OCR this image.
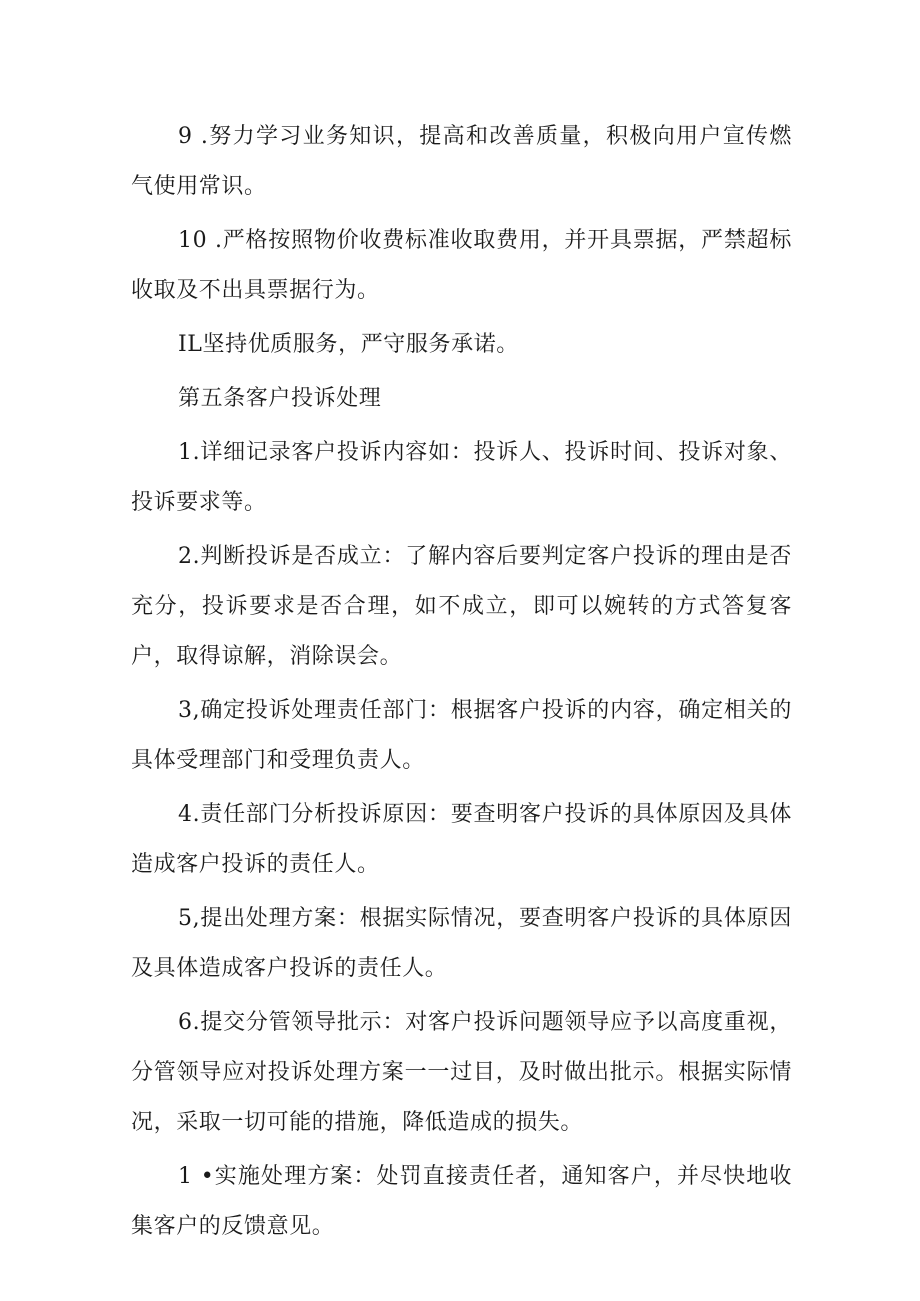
9 .努力学习业务知识，提高和改善质量，积极向用户宣传燃气使用常识。

10 .严格按照物价收费标准收取费用，并开具票据，严禁超标收取及不出具票据行为。

IL坚持优质服务，严守服务承诺。

第五条客户投诉处理

1.详细记录客户投诉内容如：投诉人、投诉时间、投诉对象、投诉要求等。

2.判断投诉是否成立：了解内容后要判定客户投诉的理由是否充分，投诉要求是否合理，如不成立，即可以婉转的方式答复客户，取得谅解，消除误会。

3,确定投诉处理责任部门：根据客户投诉的内容，确定相关的具体受理部门和受理负责人。

4.责任部门分析投诉原因：要查明客户投诉的具体原因及具体造成客户投诉的责任人。

5,提出处理方案：根据实际情况，要查明客户投诉的具体原因及具体造成客户投诉的责任人。

6.提交分管领导批示：对客户投诉问题领导应予以高度重视，分管领导应对投诉处理方案一一过目，及时做出批示。根据实际情况，采取一切可能的措施，降低造成的损失。

1 •实施处理方案：处罚直接责任者，通知客户，并尽快地收集客户的反馈意见。
